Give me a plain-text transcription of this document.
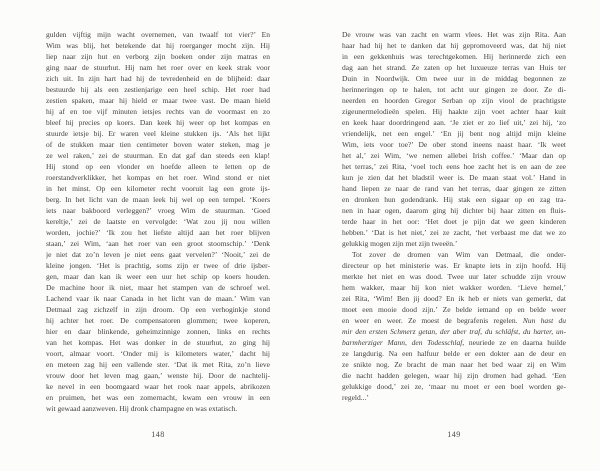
gulden vijftig mijn wacht overnemen, van twaalf tot vier?’ En
Wim was blij, het betekende dat hij roerganger mocht zijn. Hij
liep naar zijn hut en verborg zijn boeken onder zijn matras en
ging naar de stuurhut. Hij nam het roer over en keek strak voor
zich uit. In zijn hart had hij de tevredenheid en de blijheid: daar
bestuurde hij als een zestienjarige een heel schip. Het roer had
zestien spaken, maar hij hield er maar twee vast. De maan hield
hij af en toe vijf minuten ietsjes rechts van de voormast en zo
bleef hij precies op koers. Dan keek hij weer op het kompas en
stuurde ietsje bij. Er waren veel kleine stukken ijs. ‘Als het lijkt
of de stukken maar tien centimeter boven water steken, mag je
ze wel raken,’ zei de stuurman. En dat gaf dan steeds een klap!
Hij stond op een vlonder en hoefde alleen te letten op de
roerstandverklikker, het kompas en het roer. Wind stond er niet
in het minst. Op een kilometer recht vooruit lag een grote ijs-
berg. In het licht van de maan leek hij wel op een tempel. ‘Koers
iets naar bakboord verleggen?’ vroeg Wim de stuurman. ‘Goed
kereltje,’ zei de laatste en vervolgde: ‘Wat zou jij nou willen
worden, jochie?’ ‘Ik zou het liefste altijd aan het roer blijven
staan,’ zei Wim, ‘aan het roer van een groot stoomschip.’ ‘Denk
je niet dat zo’n leven je niet eens gaat vervelen?’ ‘Nooit,’ zei de
kleine jongen. ‘Het is prachtig, soms zijn er twee of drie ijsber-
gen, maar dan kan ik weer een uur het schip op koers houden.
De machine hoor ik niet, maar het stampen van de schroef wel.
Lachend vaar ik naar Canada in het licht van de maan.’ Wim van
Detmaal zag zichzelf in zijn droom. Op een verhoginkje stond
hij achter het roer. De compensatoren glommen; twee koperen,
hier en daar blinkende, geheimzinnige zonnen, links en rechts
van het kompas. Het was donker in de stuurhut, zo ging hij
voort, almaar voort. ‘Onder mij is kilometers water,’ dacht hij
en meteen zag hij een vallende ster. ‘Dat ik met Rita, zo’n lieve
vrouw door het leven mag gaan,’ wenste hij. Door de nachtelij-
ke nevel in een boomgaard waar het rook naar appels, abrikozen
en pruimen, het was een zomernacht, kwam een vrouw in een
wit gewaad aanzweven. Hij dronk champagne en was extatisch.
148
De vrouw was van zacht en warm vlees. Het was zijn Rita. Aan
haar had hij het te danken dat hij gepromoveerd was, dat hij niet
in een gekkenhuis was terechtgekomen. Hij herinnerde zich een
dag aan het strand. Ze zaten op het luxueuze terras van Huis ter
Duin in Noordwijk. Om twee uur in de middag begonnen ze
herinneringen op te halen, tot acht uur gingen ze door. Ze di-
neerden en hoorden Gregor Serban op zijn viool de prachtigste
zigeunermelodieën spelen. Hij haakte zijn voet achter haar kuit
en keek haar doordringend aan. ‘Je ziet er zo lief uit,’ zei hij, ‘zo
vriendelijk, net een engel.’ ‘En jij bent nog altijd mijn kleine
Wim, iets voor toe?’ De ober stond ineens naast haar. ‘Ik weet
het al,’ zei Wim, ‘we nemen allebei Irish coffee.’ ‘Maar dan op
het terras,’ zei Rita, ‘voel toch eens hoe zacht het is en aan de zee
kun je zien dat het bladstil weer is. De maan staat vol.’ Hand in
hand liepen ze naar de rand van het terras, daar gingen ze zitten
en dronken hun godendrank. Hij stak een sigaar op en zag tra-
nen in haar ogen, daarom ging hij dichter bij haar zitten en fluis-
terde haar in het oor: ‘Het doet je pijn dat we geen kinderen
hebben.’ ‘Dat is het niet,’ zei ze zacht, ‘het verbaast me dat we zo
gelukkig mogen zijn met zijn tweeën.’
Tot zover de dromen van Wim van Detmaal, die onder-
directeur op het ministerie was. Er knapte iets in zijn hoofd. Hij
merkte het niet en was dood. Twee uur later schudde zijn vrouw
hem wakker, maar hij kon niet wakker worden. ‘Lieve hemel,’
zei Rita, ‘Wim! Ben jij dood? En ik heb er niets van gemerkt, dat
moet een mooie dood zijn.’ Ze belde iemand op en belde weer
en weer en weer. Ze moest de begrafenis regelen. Nun hast du
mir den ersten Schmerz getan, der aber traf, du schläfst, du harter, un-
barmherziger Mann, den Todesschlaf, neuriede ze en daarna huilde
ze langdurig. Na een halfuur belde er een dokter aan de deur en
ze snikte nog. Ze bracht de man naar het bed waar zij en Wim
die nacht hadden gelegen, waar hij zijn dromen had gehad. ‘Een
gelukkige dood,’ zei ze, ‘maar nu moet er een boel worden ge-
regeld...’
149
